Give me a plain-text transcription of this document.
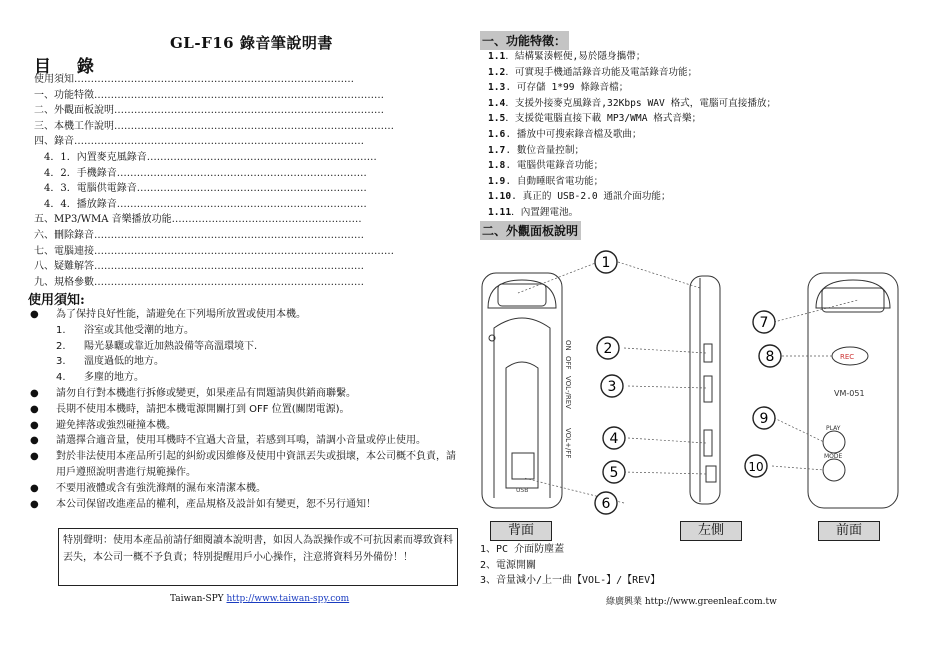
GL-F16 錄音筆說明書
目 錄
使用須知…………………………………………………………………………
一、功能特徵……………………………………………………………………………
二、外觀面板說明………………………………………………………………………
三、本機工作說明…………………………………………………………………………
四、錄音……………………………………………………………………………
4．1．內置麥克風錄音……………………………………………………………
4．2．手機錄音…………………………………………………………………
4．3．電腦供電錄音……………………………………………………………
4．4．播放錄音…………………………………………………………………
五、MP3/WMA 音樂播放功能…………………………………………………
六、刪除錄音………………………………………………………………………
七、電腦連接………………………………………………………………………………
八、疑難解答………………………………………………………………………
九、規格參數………………………………………………………………………
使用須知:
● 為了保持良好性能，請避免在下列場所放置或使用本機。
1. 浴室或其他受潮的地方。
2. 陽光暴曬或靠近加熱設備等高溫環境下.
3. 溫度過低的地方。
4. 多塵的地方。
● 請勿自行對本機進行拆修或變更，如果產品有問題請與供銷商聯繫。
● 長期不使用本機時，請把本機電源開關打到 OFF 位置(關閉電源)。
● 避免摔落或強烈碰撞本機。
● 請選擇合適音量，使用耳機時不宜過大音量，若感到耳鳴，請調小音量或停止使用。
● 對於非法使用本產品所引起的糾紛或因維修及使用中資訊丟失或損壞，本公司概不負責，請用戶遵照說明書進行規範操作。
● 不要用液體或含有強洗滌劑的濕布來清潔本機。
● 本公司保留改進產品的權利，產品規格及設計如有變更，恕不另行通知！
特別聲明：使用本產品前請仔細閱讀本說明書，如因人為誤操作或不可抗因素而導致資料丟失，本公司一概不予負責；特別提醒用戶小心操作，注意將資料另外備份！！
Taiwan-SPY http://www.taiwan-spy.com
一、功能特徵：
1.1．結構緊湊輕便,易於隱身攜帶；
1.2．可實現手機通話錄音功能及電話錄音功能；
1.3. 可存儲 1*99 條錄音檔；
1.4．支援外接麥克風錄音,32Kbps WAV 格式，電腦可直接播放；
1.5．支援從電腦直接下載 MP3/WMA 格式音樂；
1.6. 播放中可搜索錄音檔及歌曲；
1.7. 數位音量控制；
1.8. 電腦供電錄音功能；
1.9. 自動睡眠省電功能；
1.10. 真正的 USB-2.0 通訊介面功能；
1.11．內置鋰電池。
二、外觀面板說明
USB
ON
OFF
VOL-/REV
VOL+/FF
REC
VM-051
PLAY
MODE
1
2
3
4
5
6
7
8
9
10
背面	左側	前面
1、PC 介面防塵蓋
2、電源開關
3、音量減小/上一曲【VOL-】/【REV】
綠廣興業 http://www.greenleaf.com.tw
